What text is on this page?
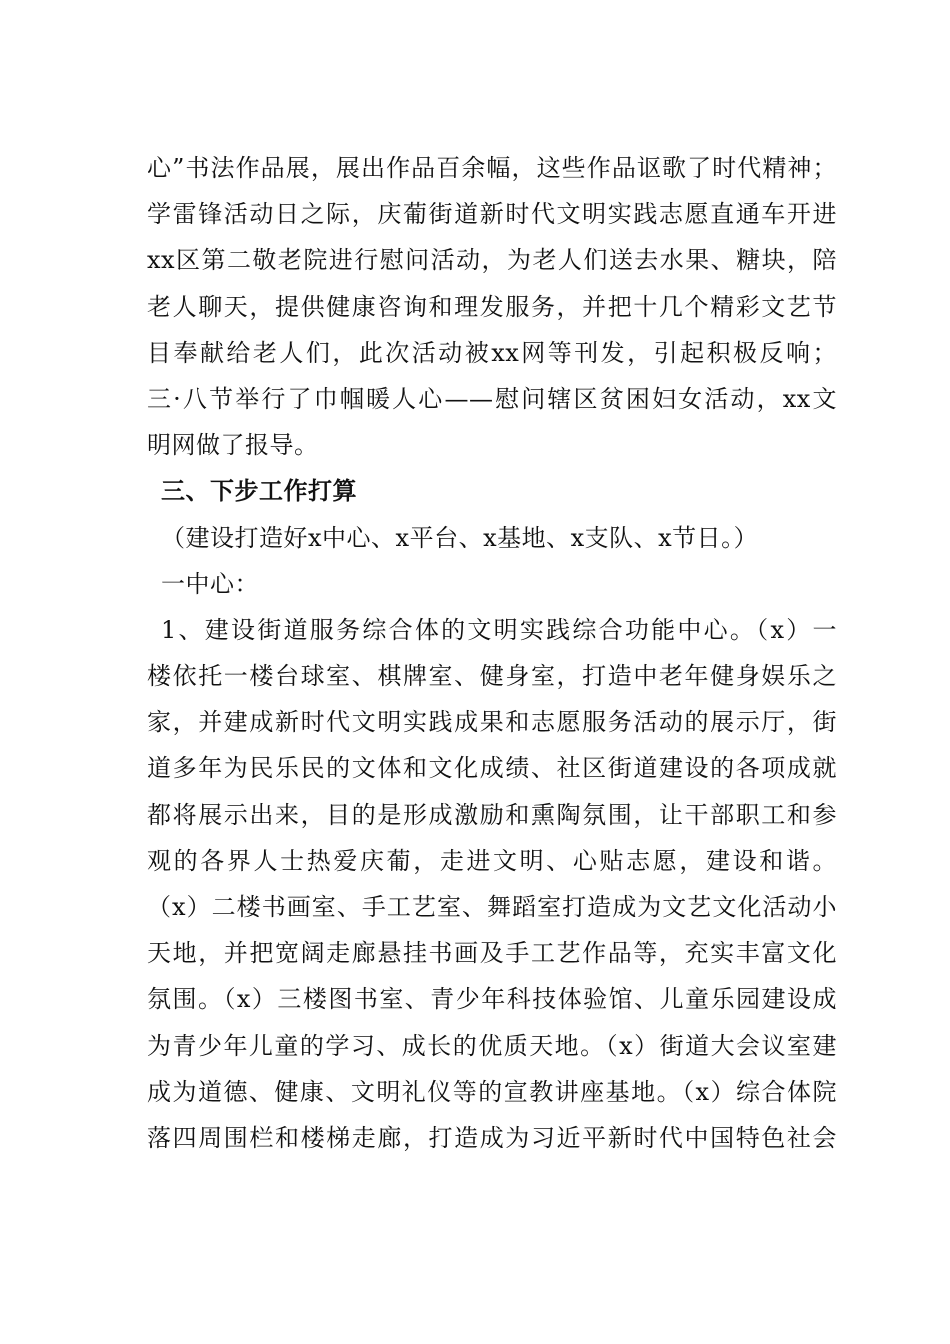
心”书法作品展，展出作品百余幅，这些作品讴歌了时代精神；
学雷锋活动日之际，庆葡街道新时代文明实践志愿直通车开进
xx区第二敬老院进行慰问活动，为老人们送去水果、糖块，陪
老人聊天，提供健康咨询和理发服务，并把十几个精彩文艺节
目奉献给老人们，此次活动被xx网等刊发，引起积极反响；
三·八节举行了巾帼暖人心——慰问辖区贫困妇女活动，xx文
明网做了报导。
三、下步工作打算
（建设打造好x中心、x平台、x基地、x支队、x节日。）
一中心：
1、建设街道服务综合体的文明实践综合功能中心。（x）一
楼依托一楼台球室、棋牌室、健身室，打造中老年健身娱乐之
家，并建成新时代文明实践成果和志愿服务活动的展示厅，街
道多年为民乐民的文体和文化成绩、社区街道建设的各项成就
都将展示出来，目的是形成激励和熏陶氛围，让干部职工和参
观的各界人士热爱庆葡，走进文明、心贴志愿，建设和谐。
（x）二楼书画室、手工艺室、舞蹈室打造成为文艺文化活动小
天地，并把宽阔走廊悬挂书画及手工艺作品等，充实丰富文化
氛围。（x）三楼图书室、青少年科技体验馆、儿童乐园建设成
为青少年儿童的学习、成长的优质天地。（x）街道大会议室建
成为道德、健康、文明礼仪等的宣教讲座基地。（x）综合体院
落四周围栏和楼梯走廊，打造成为习近平新时代中国特色社会
